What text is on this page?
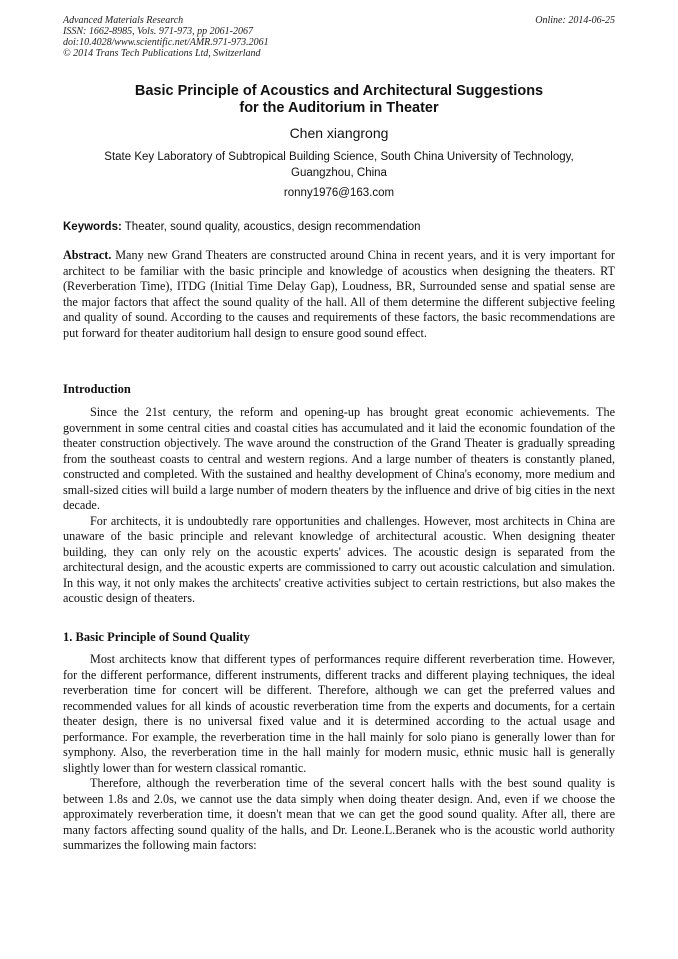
Advanced Materials Research
ISSN: 1662-8985, Vols. 971-973, pp 2061-2067
doi:10.4028/www.scientific.net/AMR.971-973.2061
© 2014 Trans Tech Publications Ltd, Switzerland
Online: 2014-06-25
Basic Principle of Acoustics and Architectural Suggestions
for the Auditorium in Theater
Chen xiangrong
State Key Laboratory of Subtropical Building Science, South China University of Technology,
Guangzhou, China
ronny1976@163.com
Keywords: Theater, sound quality, acoustics, design recommendation
Abstract. Many new Grand Theaters are constructed around China in recent years, and it is very important for architect to be familiar with the basic principle and knowledge of acoustics when designing the theaters. RT (Reverberation Time), ITDG (Initial Time Delay Gap), Loudness, BR, Surrounded sense and spatial sense are the major factors that affect the sound quality of the hall. All of them determine the different subjective feeling and quality of sound. According to the causes and requirements of these factors, the basic recommendations are put forward for theater auditorium hall design to ensure good sound effect.
Introduction

Since the 21st century, the reform and opening-up has brought great economic achievements. The government in some central cities and coastal cities has accumulated and it laid the economic foundation of the theater construction objectively. The wave around the construction of the Grand Theater is gradually spreading from the southeast coasts to central and western regions. And a large number of theaters is constantly planed, constructed and completed. With the sustained and healthy development of China's economy, more medium and small-sized cities will build a large number of modern theaters by the influence and drive of big cities in the next decade.

For architects, it is undoubtedly rare opportunities and challenges. However, most architects in China are unaware of the basic principle and relevant knowledge of architectural acoustic. When designing theater building, they can only rely on the acoustic experts' advices. The acoustic design is separated from the architectural design, and the acoustic experts are commissioned to carry out acoustic calculation and simulation. In this way, it not only makes the architects' creative activities subject to certain restrictions, but also makes the acoustic design of theaters.

1. Basic Principle of Sound Quality

Most architects know that different types of performances require different reverberation time. However, for the different performance, different instruments, different tracks and different playing techniques, the ideal reverberation time for concert will be different. Therefore, although we can get the preferred values and recommended values for all kinds of acoustic reverberation time from the experts and documents, for a certain theater design, there is no universal fixed value and it is determined according to the actual usage and performance. For example, the reverberation time in the hall mainly for solo piano is generally lower than for symphony. Also, the reverberation time in the hall mainly for modern music, ethnic music hall is generally slightly lower than for western classical romantic.

Therefore, although the reverberation time of the several concert halls with the best sound quality is between 1.8s and 2.0s, we cannot use the data simply when doing theater design. And, even if we choose the approximately reverberation time, it doesn't mean that we can get the good sound quality. After all, there are many factors affecting sound quality of the halls, and Dr. Leone.L.Beranek who is the acoustic world authority summarizes the following main factors:
